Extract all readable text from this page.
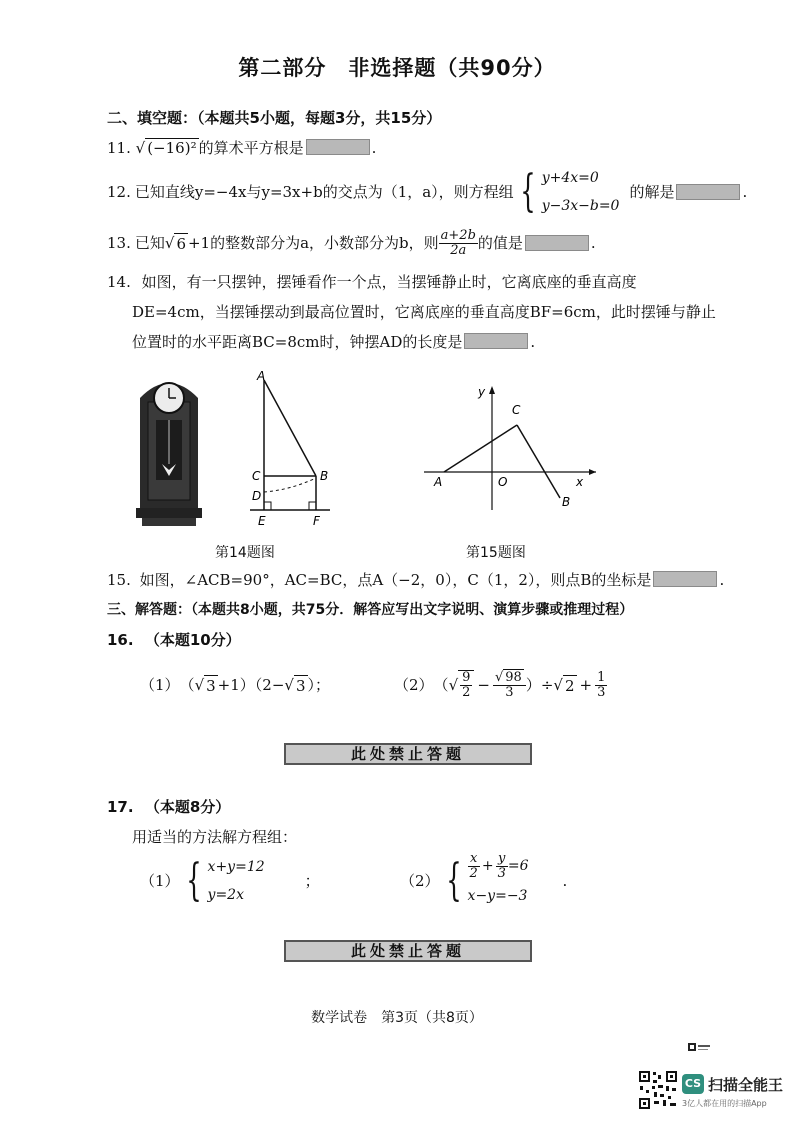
第二部分　非选择题（共90分）
二、填空题：（本题共5小题，每题3分，共15分）
11. √ (−16)² 的算术平方根是	.
12. 已知直线y=−4x与y=3x+b的交点为（1，a），则方程组 { y+4x=0
y−3x−b=0
的解是	.
13. 已知 √ 6 +1的整数部分为a，小数部分为b，则 $\frac{a+2b}{2a}$ 的值是	.
14. 如图，有一只摆钟，摆锤看作一个点，当摆锤静止时，它离底座的垂直高度
DE=4cm，当摆锤摆动到最高位置时，它离底座的垂直高度BF=6cm，此时摆锤与静止
位置时的水平距离BC=8cm时，钟摆AD的长度是	.
A
C	B
D
E	F
第14题图
y
C
A	O	x
B
第15题图
15. 如图，∠ACB=90°，AC=BC，点A（−2，0），C（1，2），则点B的坐标是	.
三、解答题：（本题共8小题，共75分．解答应写出文字说明、演算步骤或推理过程）
16. （本题10分）
（1） （ √ 3 +1）（2− √ 3 ）；	（2） （ √ $\frac{9}{2} - \frac{√ 98}{3}$ ）÷ √ $2 + \frac{1}{3}$
此处禁止答题
17. （本题8分）
用适当的方法解方程组：
（1） { x+y=12
y=2x
；	（2） { $\frac{x}{2} + \frac{y}{3} =6$
x−y=−3
.
此处禁止答题
数学试卷　第3页（共8页）
CS 扫描全能王
3亿人都在用的扫描App
